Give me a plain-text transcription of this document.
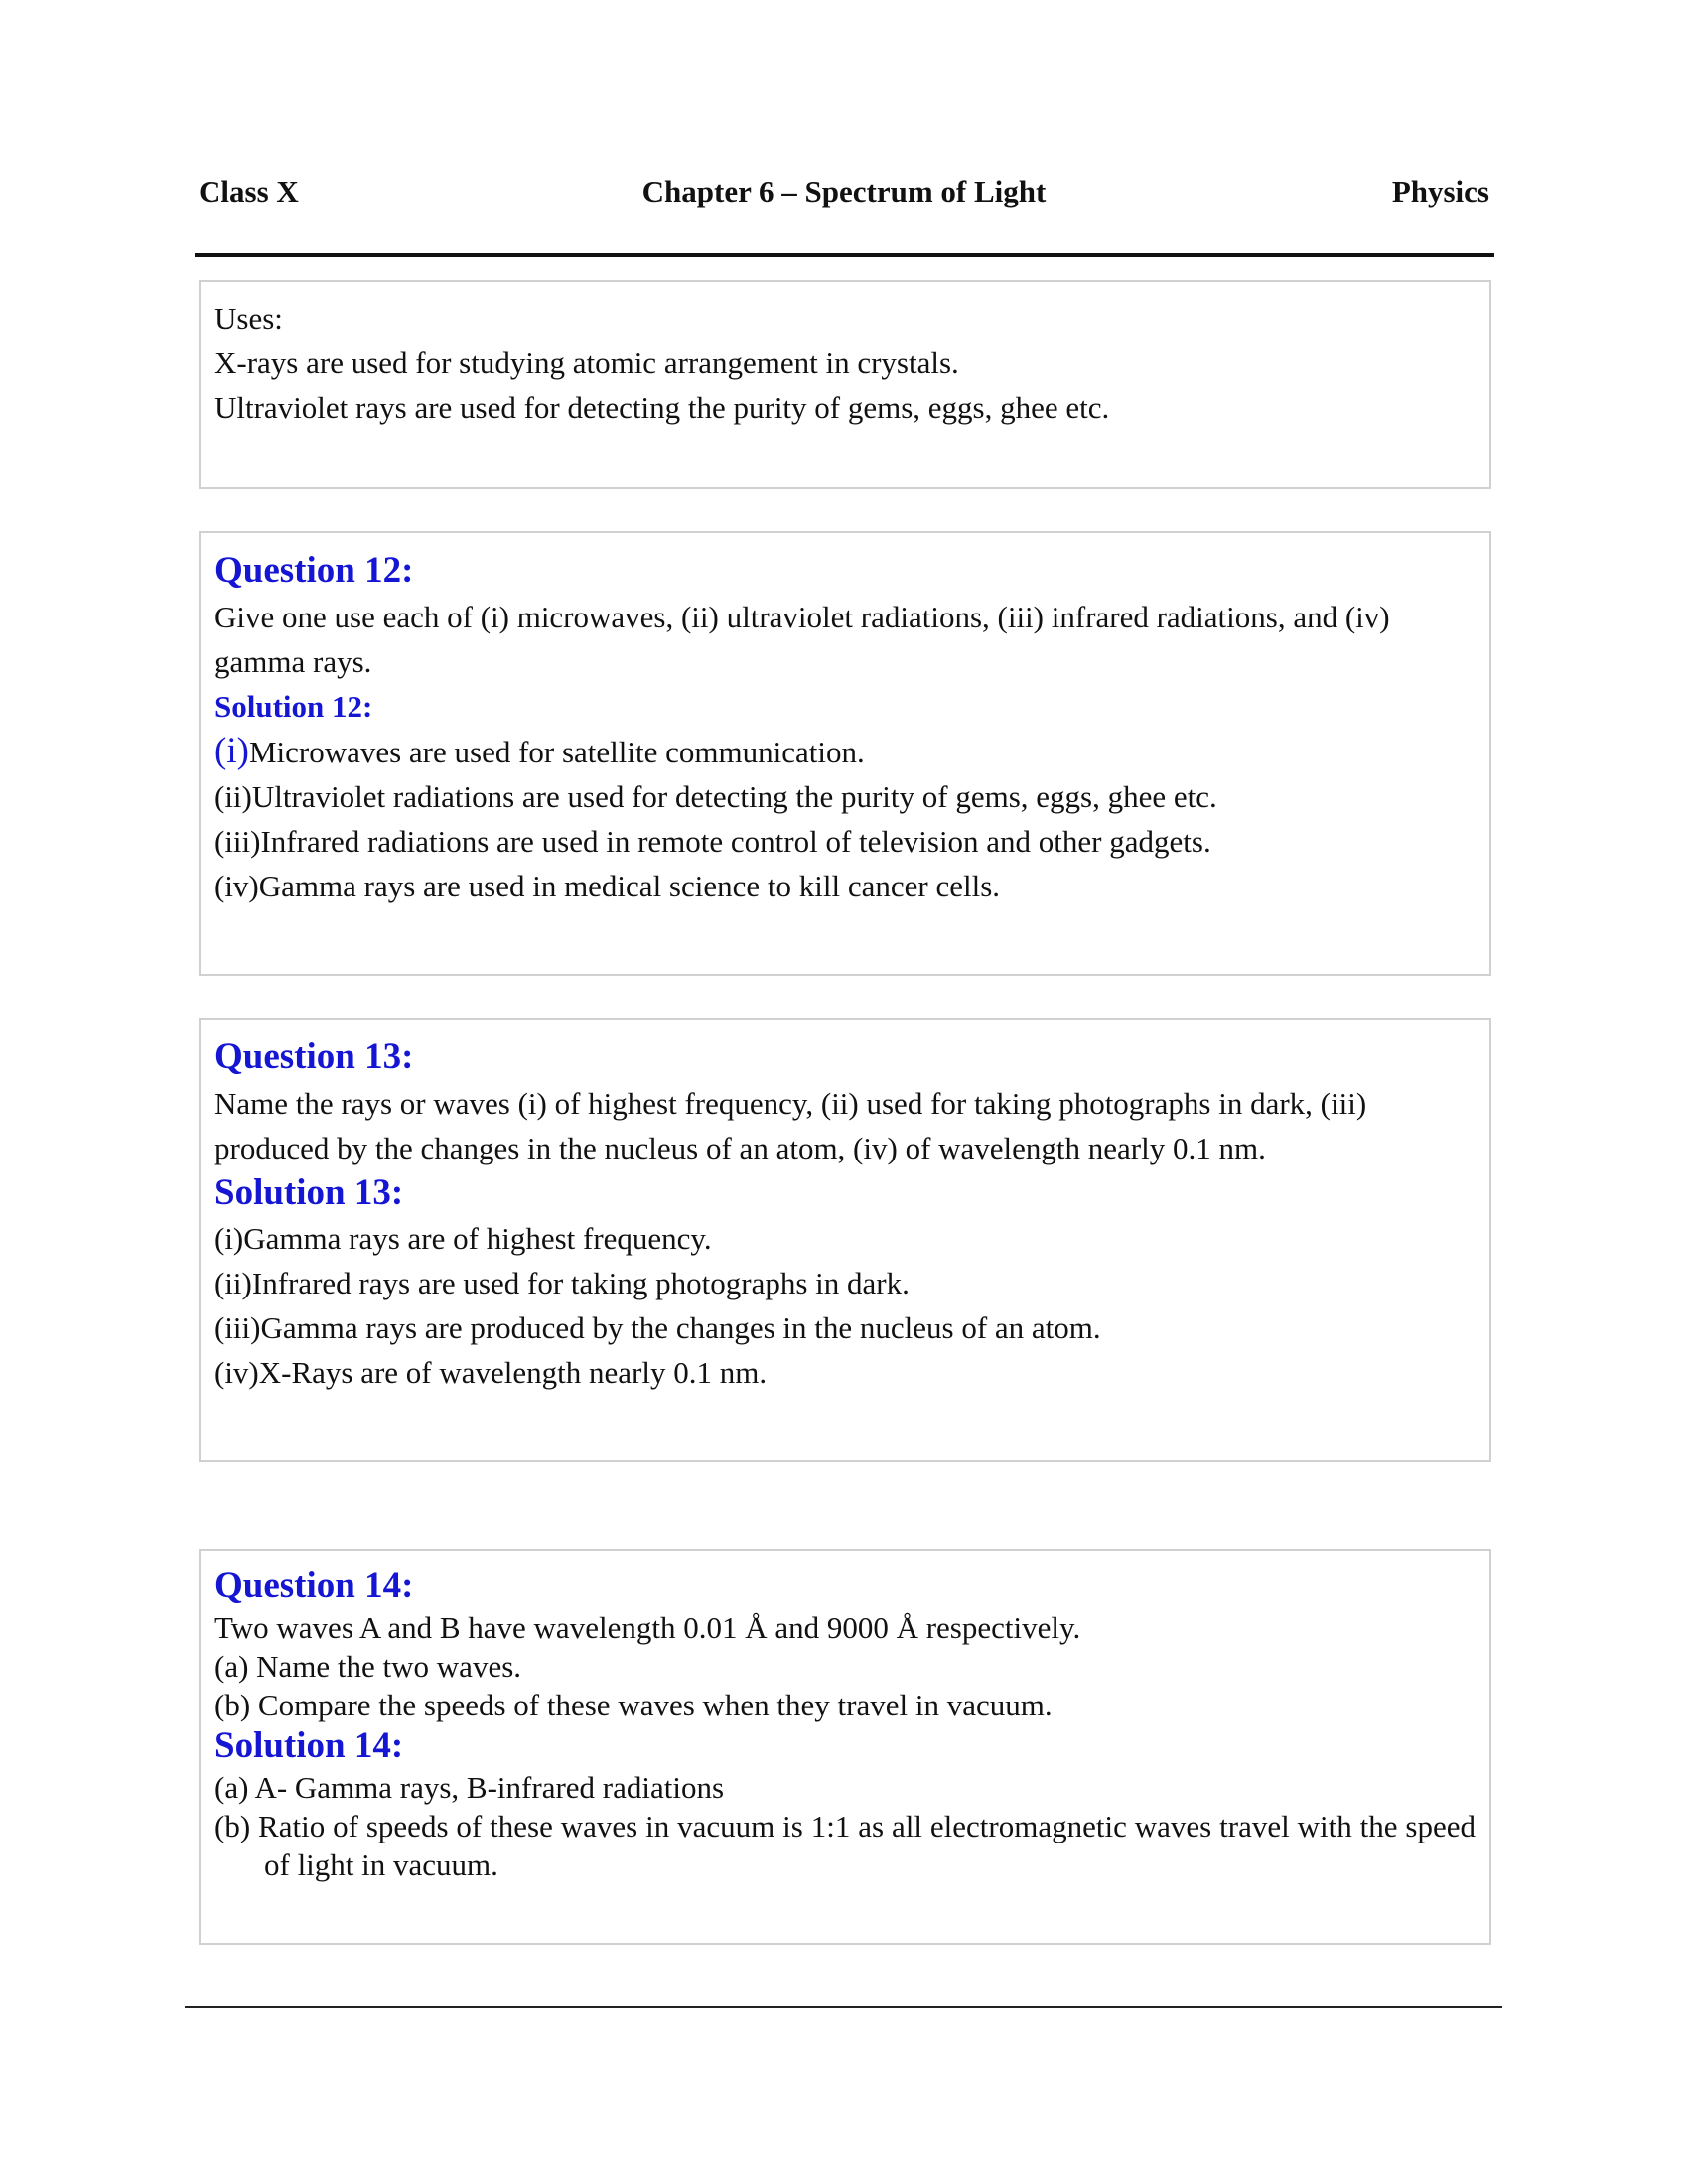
Class X	Chapter 6 – Spectrum of Light	Physics

Uses:

X-rays are used for studying atomic arrangement in crystals.

Ultraviolet rays are used for detecting the purity of gems, eggs, ghee etc.

Question 12:

Give one use each of (i) microwaves, (ii) ultraviolet radiations, (iii) infrared radiations, and (iv)

gamma rays.

Solution 12:

(i)Microwaves are used for satellite communication.

(ii)Ultraviolet radiations are used for detecting the purity of gems, eggs, ghee etc.

(iii)Infrared radiations are used in remote control of television and other gadgets.

(iv)Gamma rays are used in medical science to kill cancer cells.

Question 13:

Name the rays or waves (i) of highest frequency, (ii) used for taking photographs in dark, (iii)

produced by the changes in the nucleus of an atom, (iv) of wavelength nearly 0.1 nm.

Solution 13:

(i)Gamma rays are of highest frequency.

(ii)Infrared rays are used for taking photographs in dark.

(iii)Gamma rays are produced by the changes in the nucleus of an atom.

(iv)X-Rays are of wavelength nearly 0.1 nm.

Question 14:

Two waves A and B have wavelength 0.01 Å and 9000 Å respectively.

(a) Name the two waves.

(b) Compare the speeds of these waves when they travel in vacuum.

Solution 14:

(a) A- Gamma rays, B-infrared radiations

(b) Ratio of speeds of these waves in vacuum is 1:1 as all electromagnetic waves travel with the speed of light in vacuum.
